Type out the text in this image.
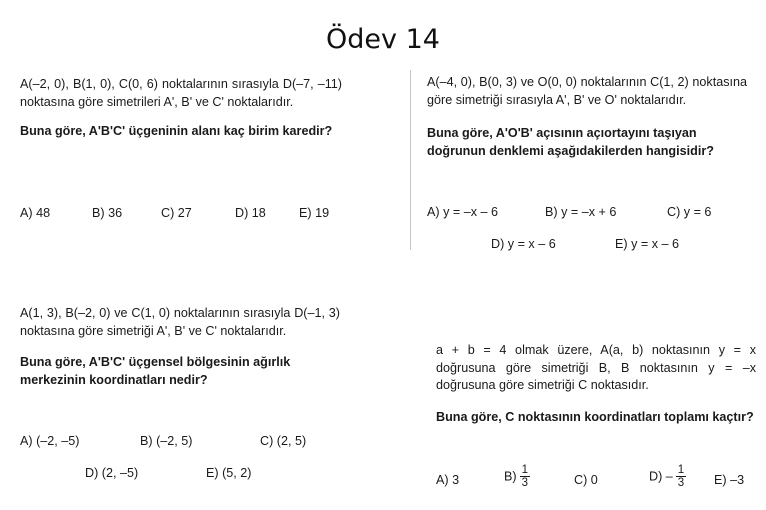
Ödev 14

A(–2, 0), B(1, 0), C(0, 6) noktalarının sırasıyla D(–7, –11) noktasına göre simetrileri A', B' ve C' noktalarıdır.

Buna göre, A'B'C' üçgeninin alanı kaç birim karedir?

A) 48	B) 36	C) 27	D) 18	E) 19

A(–4, 0), B(0, 3) ve O(0, 0) noktalarının C(1, 2) noktasına göre simetriği sırasıyla A', B' ve O' noktalarıdır.

Buna göre, A'O'B' açısının açıortayını taşıyan doğrunun denklemi aşağıdakilerden hangisidir?

A) y = –x – 6	B) y = –x + 6	C) y = 6
D) y = x – 6	E) y = x – 6

A(1, 3), B(–2, 0) ve C(1, 0) noktalarının sırasıyla D(–1, 3) noktasına göre simetriği A', B' ve C' noktalarıdır.

Buna göre, A'B'C' üçgensel bölgesinin ağırlık merkezinin koordinatları nedir?

A) (–2, –5)	B) (–2, 5)	C) (2, 5)
D) (2, –5)	E) (5, 2)

a + b = 4 olmak üzere, A(a, b) noktasının y = x doğrusuna göre simetriği B, B noktasının y = –x doğrusuna göre simetriği C noktasıdır.

Buna göre, C noktasının koordinatları toplamı kaçtır?

A) 3	$B) \frac{1}{3}$	C) 0	$D) - \frac{1}{3} E$) –3
